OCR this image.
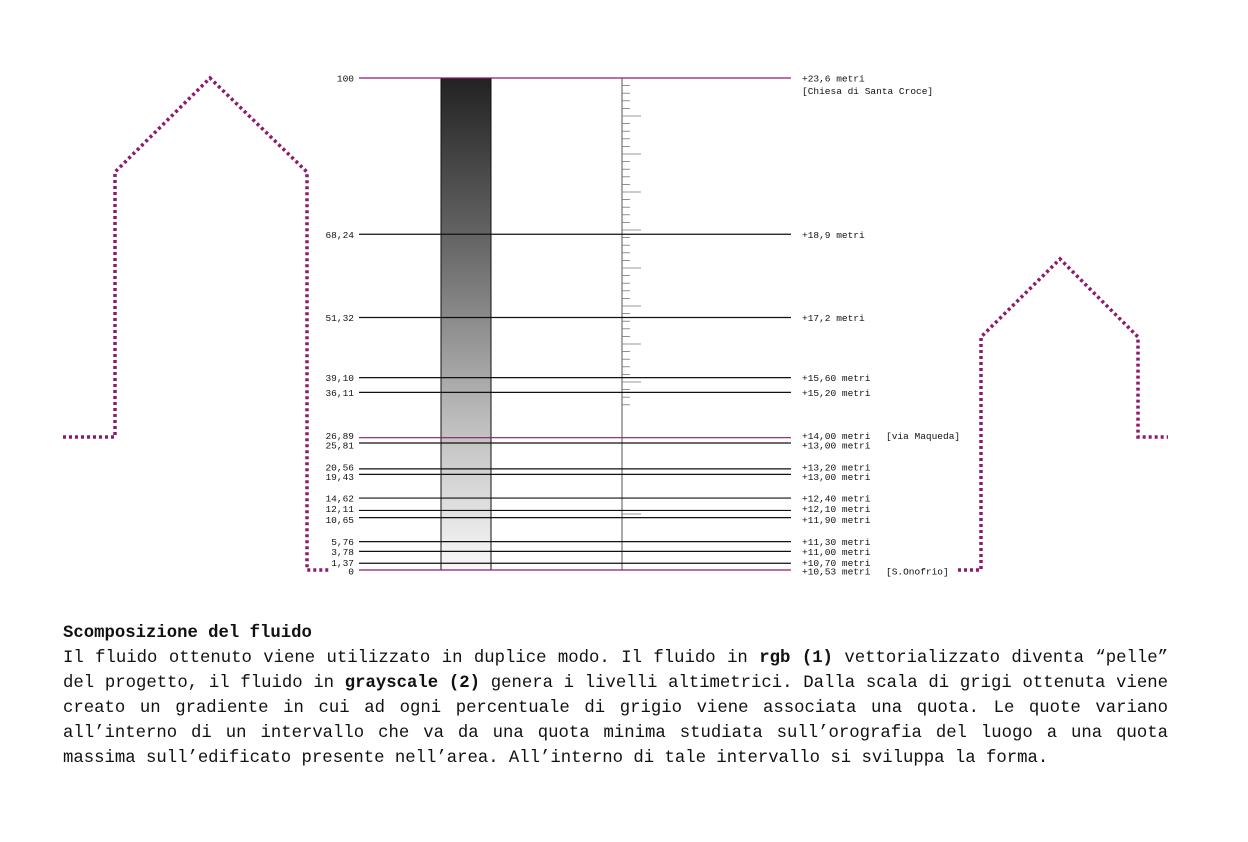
100	+23,6 metri
[Chiesa di Santa Croce]
68,24	+18,9 metri
51,32	+17,2 metri
39,10	+15,60 metri
36,11	+15,20 metri
26,89	+14,00 metri [via Maqueda]
25,81	+13,00 metri
20,56	+13,20 metri
19,43	+13,00 metri
14,62	+12,40 metri
12,11	+12,10 metri
10,65	+11,90 metri
5,76	+11,30 metri
3,78	+11,00 metri
1,37	+10,70 metri
0	+10,53 metri [S.Onofrio]
Scomposizione del fluido
Il fluido ottenuto viene utilizzato in duplice modo. Il fluido in rgb (1) vettorializzato diventa “pelle” del progetto, il fluido in grayscale (2) genera i livelli altimetrici. Dalla scala di grigi ottenuta viene creato un gradiente in cui ad ogni percentuale di grigio viene associata una quota. Le quote variano all’interno di un intervallo che va da una quota minima studiata sull’orografia del luogo a una quota massima sull’edificato presente nell’area. All’interno di tale intervallo si sviluppa la forma.
